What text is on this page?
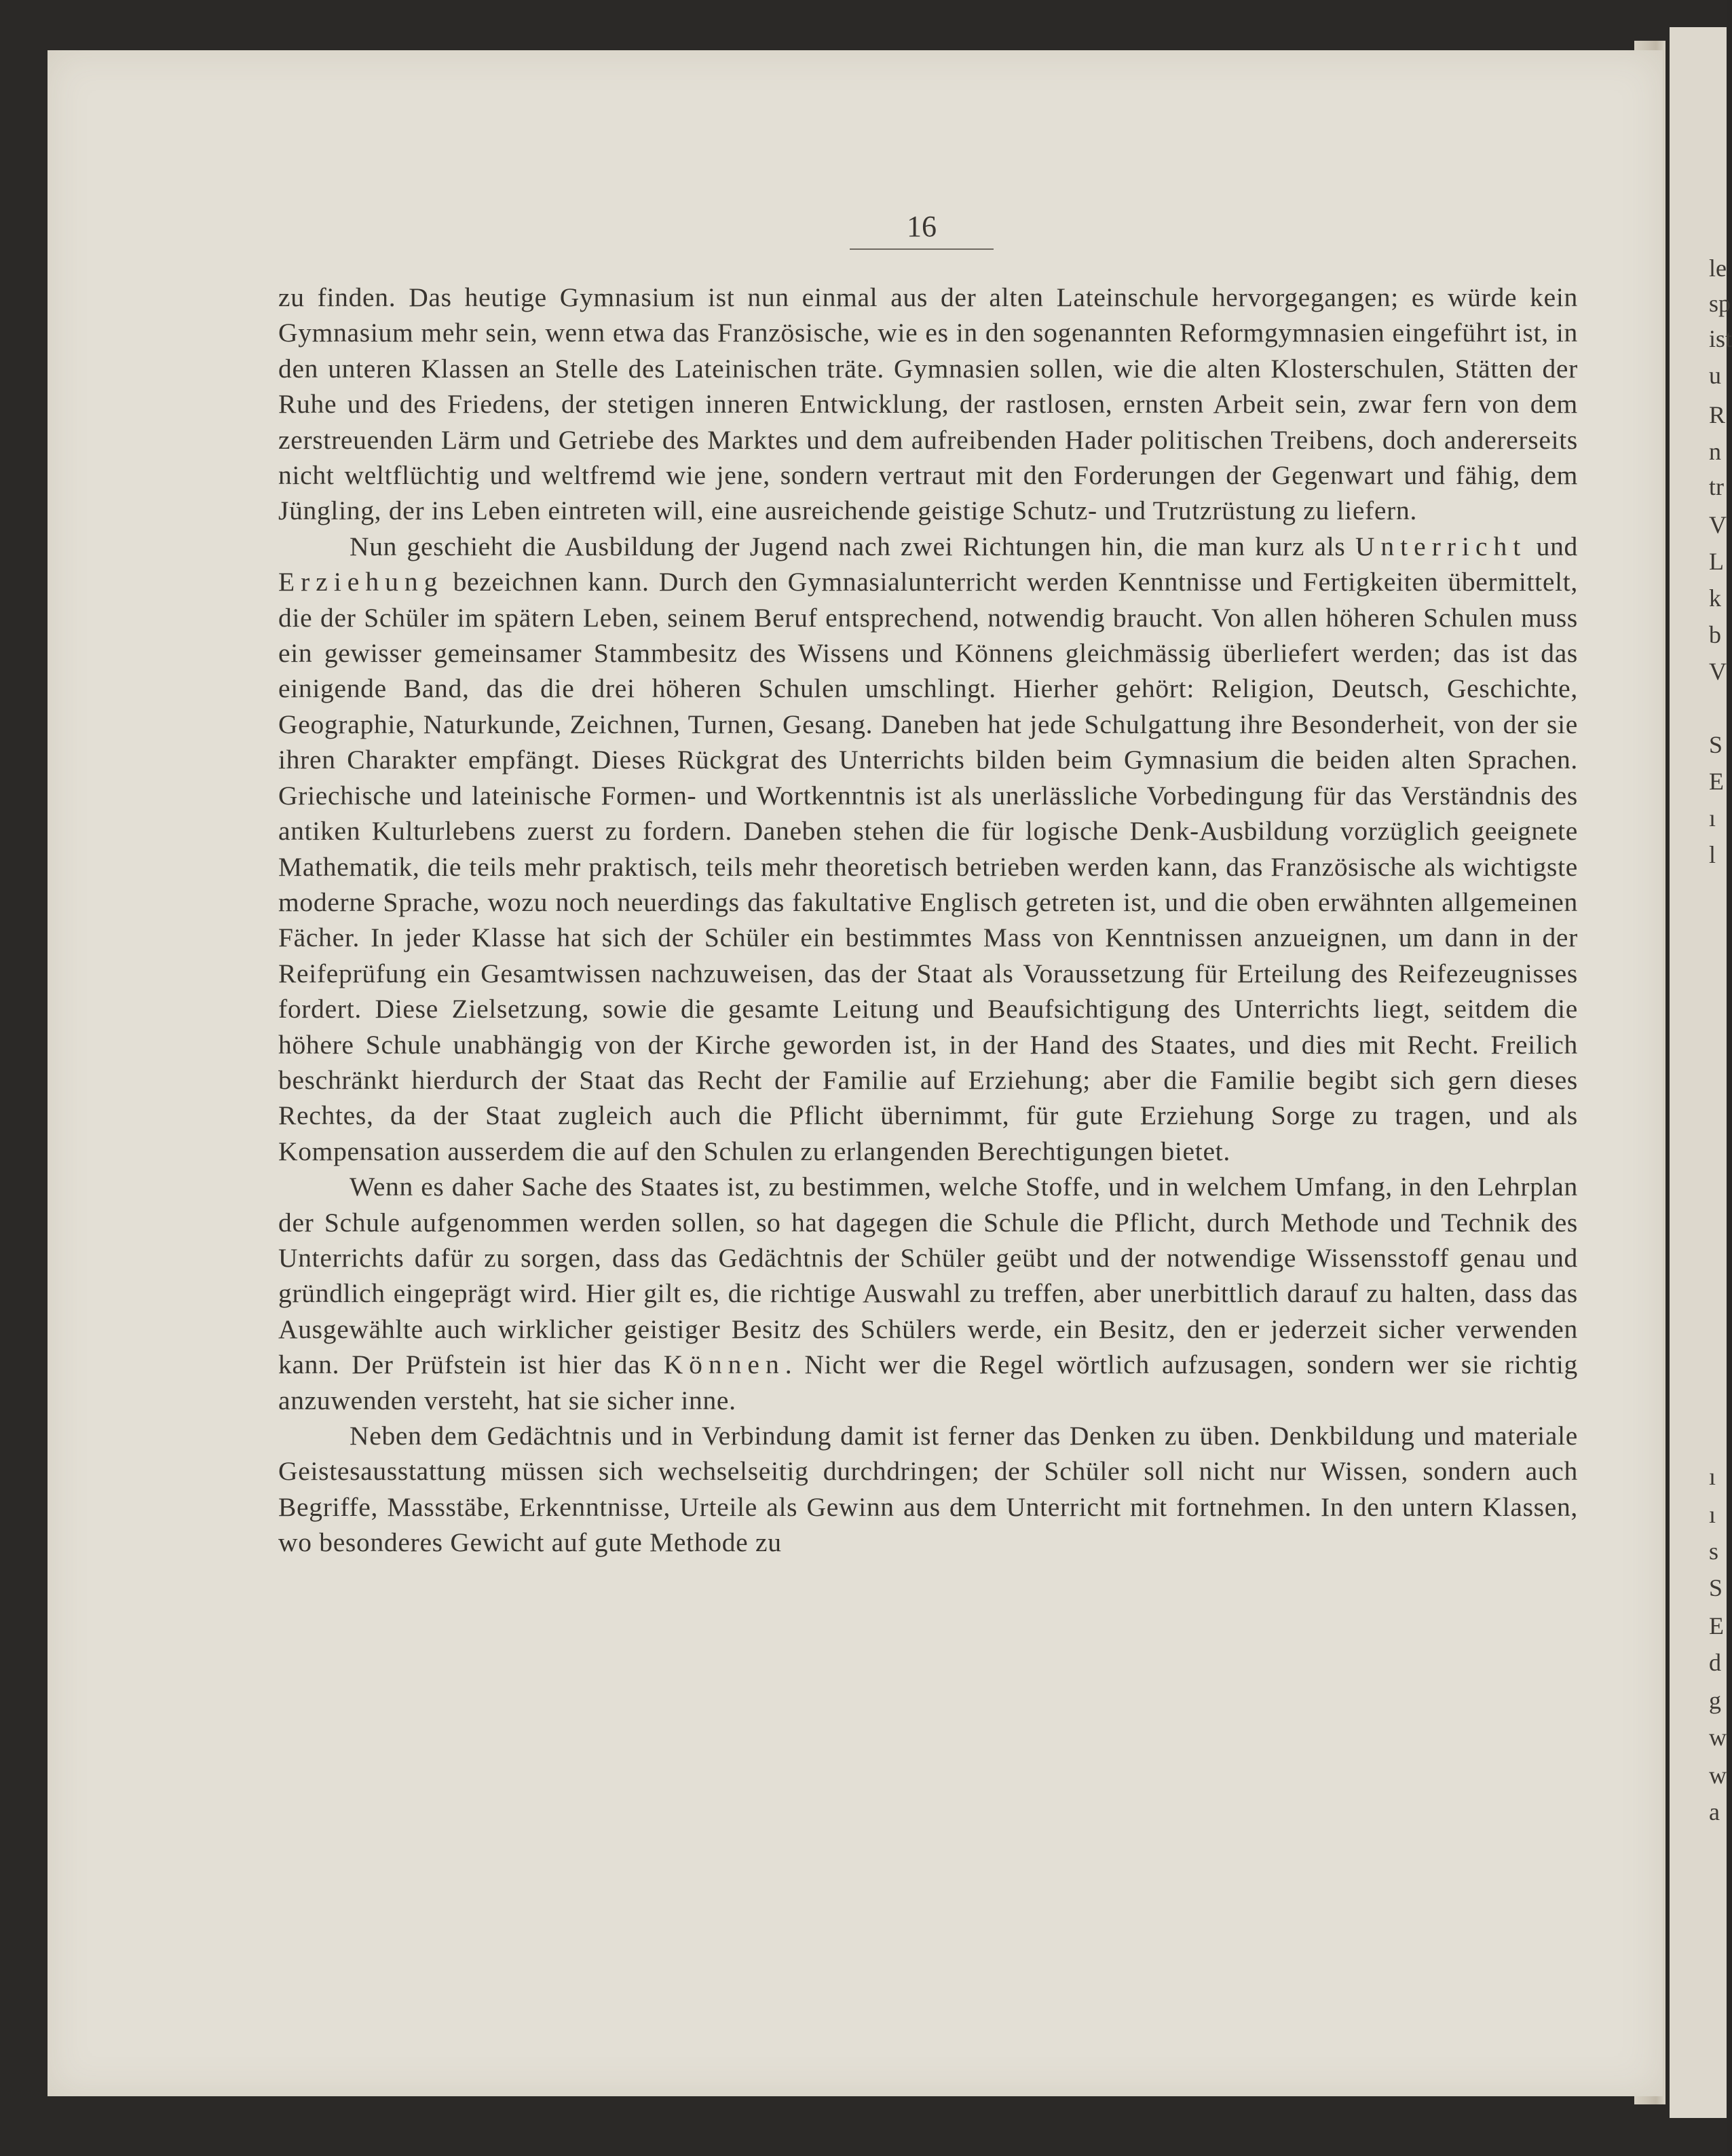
le
sp
ist
u
R
n
tr
V
L
k
b
V
S
E
ı
l
ı
ı
s
S
E
d
g
w
w
a
16

zu finden. Das heutige Gymnasium ist nun einmal aus der alten Lateinschule hervorgegangen; es würde kein Gymnasium mehr sein, wenn etwa das Französische, wie es in den sogenannten Reformgymnasien eingeführt ist, in den unteren Klassen an Stelle des Lateinischen träte. Gymnasien sollen, wie die alten Klosterschulen, Stätten der Ruhe und des Friedens, der stetigen inneren Entwicklung, der rastlosen, ernsten Arbeit sein, zwar fern von dem zerstreuenden Lärm und Getriebe des Marktes und dem aufreibenden Hader politischen Treibens, doch andererseits nicht weltflüchtig und weltfremd wie jene, sondern vertraut mit den Forderungen der Gegenwart und fähig, dem Jüngling, der ins Leben eintreten will, eine ausreichende geistige Schutz- und Trutzrüstung zu liefern.

Nun geschieht die Ausbildung der Jugend nach zwei Richtungen hin, die man kurz als Unterricht und Erziehung bezeichnen kann. Durch den Gymnasialunterricht werden Kenntnisse und Fertigkeiten übermittelt, die der Schüler im spätern Leben, seinem Beruf entsprechend, notwendig braucht. Von allen höheren Schulen muss ein gewisser gemeinsamer Stammbesitz des Wissens und Könnens gleichmässig überliefert werden; das ist das einigende Band, das die drei höheren Schulen umschlingt. Hierher gehört: Religion, Deutsch, Geschichte, Geographie, Naturkunde, Zeichnen, Turnen, Gesang. Daneben hat jede Schulgattung ihre Besonderheit, von der sie ihren Charakter empfängt. Dieses Rückgrat des Unterrichts bilden beim Gymnasium die beiden alten Sprachen. Griechische und lateinische Formen- und Wortkenntnis ist als unerlässliche Vorbedingung für das Verständnis des antiken Kulturlebens zuerst zu fordern. Daneben stehen die für logische Denk-Ausbildung vorzüglich geeignete Mathematik, die teils mehr praktisch, teils mehr theoretisch betrieben werden kann, das Französische als wichtigste moderne Sprache, wozu noch neuerdings das fakultative Englisch getreten ist, und die oben erwähnten allgemeinen Fächer. In jeder Klasse hat sich der Schüler ein bestimmtes Mass von Kenntnissen anzueignen, um dann in der Reifeprüfung ein Gesamtwissen nachzuweisen, das der Staat als Voraussetzung für Erteilung des Reifezeugnisses fordert. Diese Zielsetzung, sowie die gesamte Leitung und Beaufsichtigung des Unterrichts liegt, seitdem die höhere Schule unabhängig von der Kirche geworden ist, in der Hand des Staates, und dies mit Recht. Freilich beschränkt hierdurch der Staat das Recht der Familie auf Erziehung; aber die Familie begibt sich gern dieses Rechtes, da der Staat zugleich auch die Pflicht übernimmt, für gute Erziehung Sorge zu tragen, und als Kompensation ausserdem die auf den Schulen zu erlangenden Berechtigungen bietet.

Wenn es daher Sache des Staates ist, zu bestimmen, welche Stoffe, und in welchem Umfang, in den Lehrplan der Schule aufgenommen werden sollen, so hat dagegen die Schule die Pflicht, durch Methode und Technik des Unterrichts dafür zu sorgen, dass das Gedächtnis der Schüler geübt und der notwendige Wissensstoff genau und gründlich eingeprägt wird. Hier gilt es, die richtige Auswahl zu treffen, aber unerbittlich darauf zu halten, dass das Ausgewählte auch wirklicher geistiger Besitz des Schülers werde, ein Besitz, den er jederzeit sicher verwenden kann. Der Prüfstein ist hier das Können. Nicht wer die Regel wörtlich aufzusagen, sondern wer sie richtig anzuwenden versteht, hat sie sicher inne.

Neben dem Gedächtnis und in Verbindung damit ist ferner das Denken zu üben. Denkbildung und materiale Geistesausstattung müssen sich wechselseitig durchdringen; der Schüler soll nicht nur Wissen, sondern auch Begriffe, Massstäbe, Erkenntnisse, Urteile als Gewinn aus dem Unterricht mit fortnehmen. In den untern Klassen, wo besonderes Gewicht auf gute Methode zu
